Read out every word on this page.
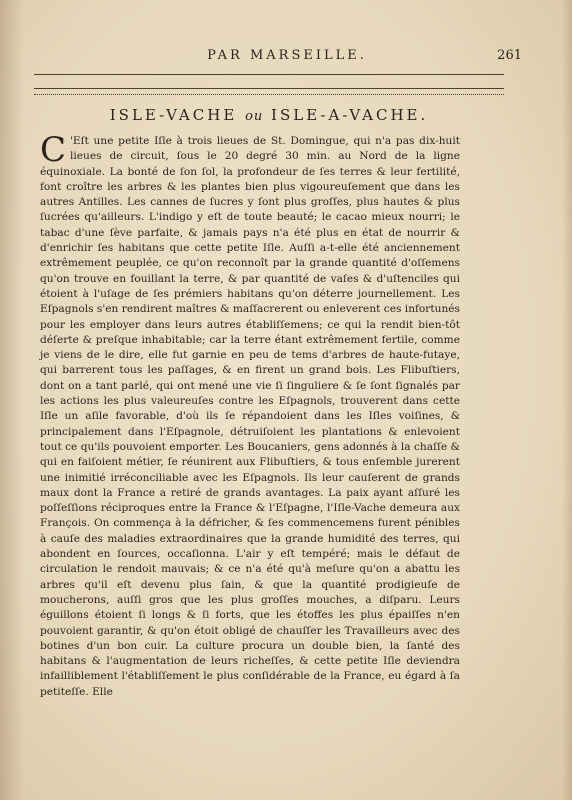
PAR MARSEILLE.	261
ISLE-VACHE ou ISLE-A-VACHE.
C 'Eſt une petite Iſle à trois lieues de St. Domingue, qui n'a pas dix-huit lieues de circuit, ſous le 20 degré 30 min. au Nord de la ligne équinoxiale. La bonté de ſon ſol, la profondeur de ſes terres & leur fertilité, font croître les arbres & les plantes bien plus vigoureuſement que dans les autres Antilles. Les cannes de ſucres y ſont plus groſſes, plus hautes & plus ſucrées qu'ailleurs. L'indigo y eſt de toute beauté; le cacao mieux nourri; le tabac d'une ſève parfaite, & jamais pays n'a été plus en état de nourrir & d'enrichir ſes habitans que cette petite Iſle. Auſſi a-t-elle été anciennement extrêmement peuplée, ce qu'on reconnoît par la grande quantité d'oſſemens qu'on trouve en fouillant la terre, & par quantité de vaſes & d'uſtenciles qui étoient à l'uſage de ſes prémiers habitans qu'on déterre journellement. Les Eſpagnols s'en rendirent maîtres & maſſacrerent ou enleverent ces infortunés pour les employer dans leurs autres établiſſemens; ce qui la rendit bien-tôt déſerte & preſque inhabitable; car la terre étant extrêmement fertile, comme je viens de le dire, elle fut garnie en peu de tems d'arbres de haute-futaye, qui barrerent tous les paſſages, & en firent un grand bois. Les Flibuſtiers, dont on a tant parlé, qui ont mené une vie ſi ſinguliere & ſe ſont ſignalés par les actions les plus valeureuſes contre les Eſpagnols, trouverent dans cette Iſle un aſile favorable, d'où ils ſe répandoient dans les Iſles voiſines, & principalement dans l'Eſpagnole, détruiſoient les plantations & enlevoient tout ce qu'ils pouvoient emporter. Les Boucaniers, gens adonnés à la chaſſe & qui en faiſoient métier, ſe réunirent aux Flibuſtiers, & tous enſemble jurerent une inimitié irréconciliable avec les Eſpagnols. Ils leur cauſerent de grands maux dont la France a retiré de grands avantages. La paix ayant aſſuré les poſſeſſions réciproques entre la France & l'Eſpagne, l'Iſle-Vache demeura aux François. On commença à la défricher, & ſes commencemens furent pénibles à cauſe des maladies extraordinaires que la grande humidité des terres, qui abondent en ſources, occaſionna. L'air y eſt tempéré; mais le défaut de circulation le rendoit mauvais; & ce n'a été qu'à meſure qu'on a abattu les arbres qu'il eſt devenu plus ſain, & que la quantité prodigieuſe de moucherons, auſſi gros que les plus groſſes mouches, a diſparu. Leurs éguillons étoient ſi longs & ſi forts, que les étoffes les plus épaiſſes n'en pouvoient garantir, & qu'on étoit obligé de chauſſer les Travailleurs avec des botines d'un bon cuir. La culture procura un double bien, la ſanté des habitans & l'augmentation de leurs richeſſes, & cette petite Iſle deviendra infailliblement l'établiſſement le plus conſidérable de la France, eu égard à ſa petiteſſe. Elle
